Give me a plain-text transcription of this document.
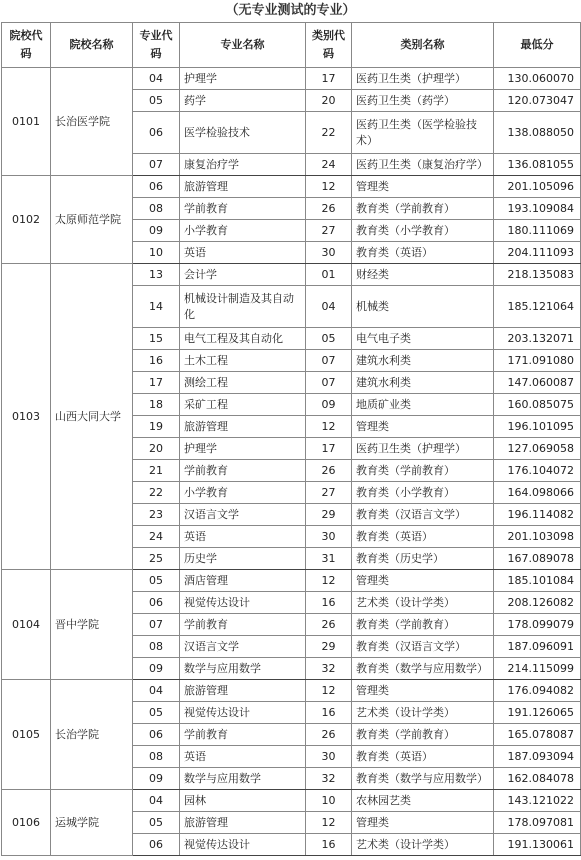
（无专业测试的专业）
院校代码	院校名称	专业代码	专业名称	类别代码	类别名称	最低分
0101	长治医学院	04	护理学	17	医药卫生类（护理学）	130.060070
		05	药学	20	医药卫生类（药学）	120.073047
		06	医学检验技术	22	医药卫生类（医学检验技术）	138.088050
		07	康复治疗学	24	医药卫生类（康复治疗学）	136.081055
0102	太原师范学院	06	旅游管理	12	管理类	201.105096
		08	学前教育	26	教育类（学前教育）	193.109084
		09	小学教育	27	教育类（小学教育）	180.111069
		10	英语	30	教育类（英语）	204.111093
0103	山西大同大学	13	会计学	01	财经类	218.135083
		14	机械设计制造及其自动化	04	机械类	185.121064
		15	电气工程及其自动化	05	电气电子类	203.132071
		16	土木工程	07	建筑水利类	171.091080
		17	测绘工程	07	建筑水利类	147.060087
		18	采矿工程	09	地质矿业类	160.085075
		19	旅游管理	12	管理类	196.101095
		20	护理学	17	医药卫生类（护理学）	127.069058
		21	学前教育	26	教育类（学前教育）	176.104072
		22	小学教育	27	教育类（小学教育）	164.098066
		23	汉语言文学	29	教育类（汉语言文学）	196.114082
		24	英语	30	教育类（英语）	201.103098
		25	历史学	31	教育类（历史学）	167.089078
0104	晋中学院	05	酒店管理	12	管理类	185.101084
		06	视觉传达设计	16	艺术类（设计学类）	208.126082
		07	学前教育	26	教育类（学前教育）	178.099079
		08	汉语言文学	29	教育类（汉语言文学）	187.096091
		09	数学与应用数学	32	教育类（数学与应用数学）	214.115099
0105	长治学院	04	旅游管理	12	管理类	176.094082
		05	视觉传达设计	16	艺术类（设计学类）	191.126065
		06	学前教育	26	教育类（学前教育）	165.078087
		08	英语	30	教育类（英语）	187.093094
		09	数学与应用数学	32	教育类（数学与应用数学）	162.084078
0106	运城学院	04	园林	10	农林园艺类	143.121022
		05	旅游管理	12	管理类	178.097081
		06	视觉传达设计	16	艺术类（设计学类）	191.130061
